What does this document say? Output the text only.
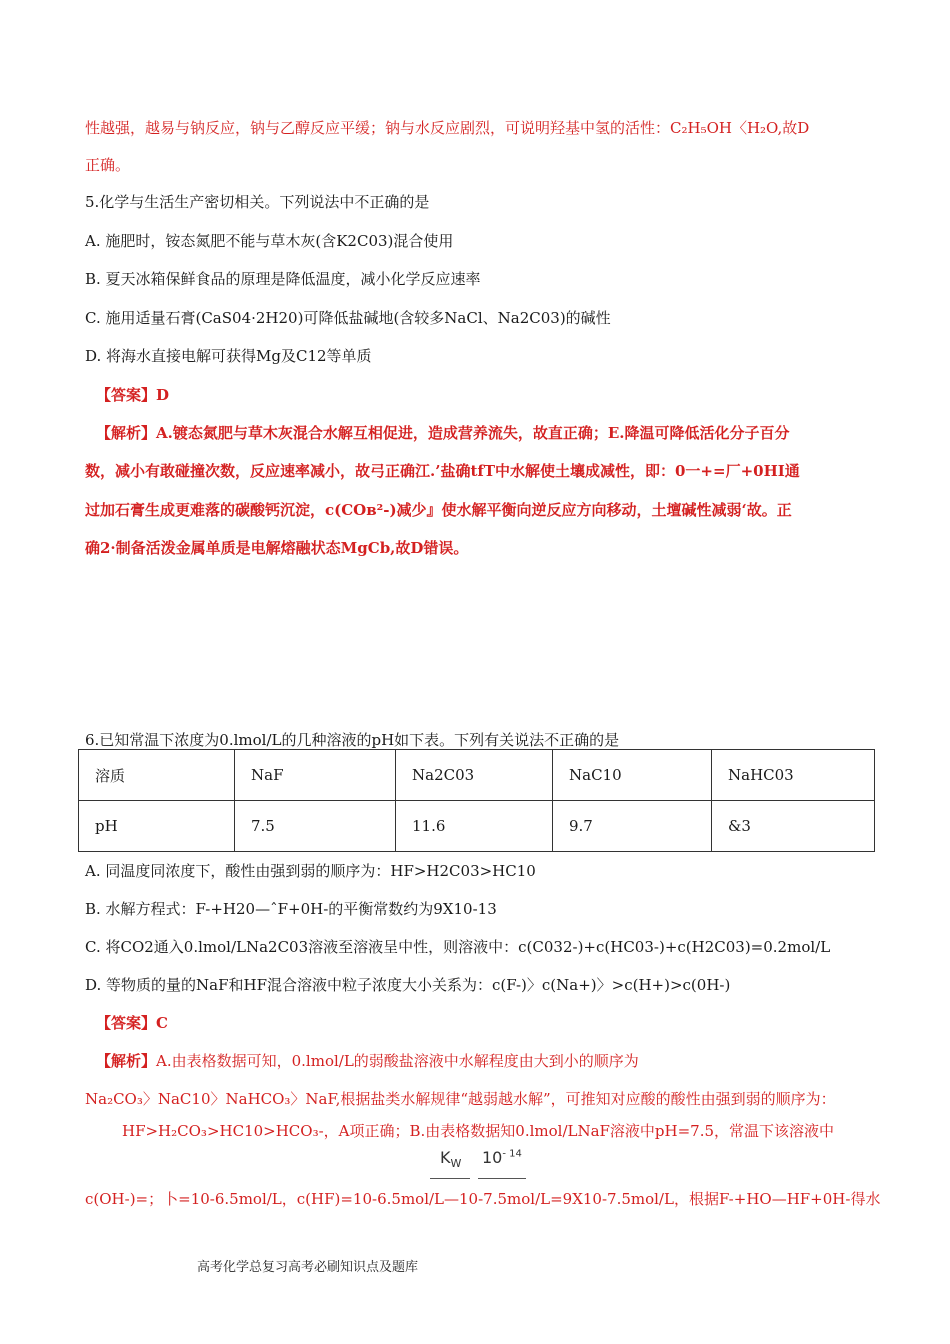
性越强，越易与钠反应，钠与乙醇反应平缓；钠与水反应剧烈，可说明羟基中氢的活性：C₂H₅OH〈H₂O,故D
正确。
5.化学与生活生产密切相关。下列说法中不正确的是
A. 施肥时，铵态氮肥不能与草木灰(含K2C03)混合使用
B. 夏天冰箱保鲜食品的原理是降低温度，减小化学反应速率
C. 施用适量石膏(CaS04·2H20)可降低盐碱地(含较多NaCl、Na2C03)的碱性
D. 将海水直接电解可获得Mg及C12等单质
【答案】D
【解析】A.镀态氮肥与草木灰混合水解互相促进，造成营养流失，故直正确；E.降温可降低活化分子百分
数，减小有敢碰撞次数，反应速率减小，故弓正确江.’盐确tfT中水解使土壤成减性，即：0一+=厂+0HI通
过加石膏生成更难落的碳酸钙沉淀，c(COв²-)减少』使水解平衡向逆反应方向移动，土壇碱性减弱‘故。正
确2·制备活泼金属单质是电解熔融状态MgCb,故D错误。
6.已知常温下浓度为0.lmol/L的几种溶液的pH如下表。下列有关说法不正确的是
溶质	NaF	Na2C03	NaC10	NaHC03
pH	7.5	11.6	9.7	&3
A. 同温度同浓度下，酸性由强到弱的顺序为：HF>H2C03>HC10
B. 水解方程式：F-+H20—ˆF+0H-的平衡常数约为9X10-13
C. 将CO2通入0.lmol/LNa2C03溶液至溶液呈中性，则溶液中：c(C032-)+c(HC03-)+c(H2C03)=0.2mol/L
D. 等物质的量的NaF和HF混合溶液中粒子浓度大小关系为：c(F-)〉c(Na+)〉>c(H+)>c(0H-)
【答案】C
【解析】A.由表格数据可知，0.lmol/L的弱酸盐溶液中水解程度由大到小的顺序为
Na₂CO₃〉NaC10〉NaHCO₃〉NaF,根据盐类水解规律“越弱越水解”，可推知对应酸的酸性由强到弱的顺序为：
HF>H₂CO₃>HC10>HCO₃-，A项正确；B.由表格数据知0.lmol/LNaF溶液中pH=7.5，常温下该溶液中
$K_W$ $10^{- 14}$
c(OH-)=；卜=10-6.5mol/L，c(HF)=10-6.5mol/L—10-7.5mol/L=9X10-7.5mol/L，根据F-+HO—HF+0H-得水
高考化学总复习高考必刷知识点及题库
